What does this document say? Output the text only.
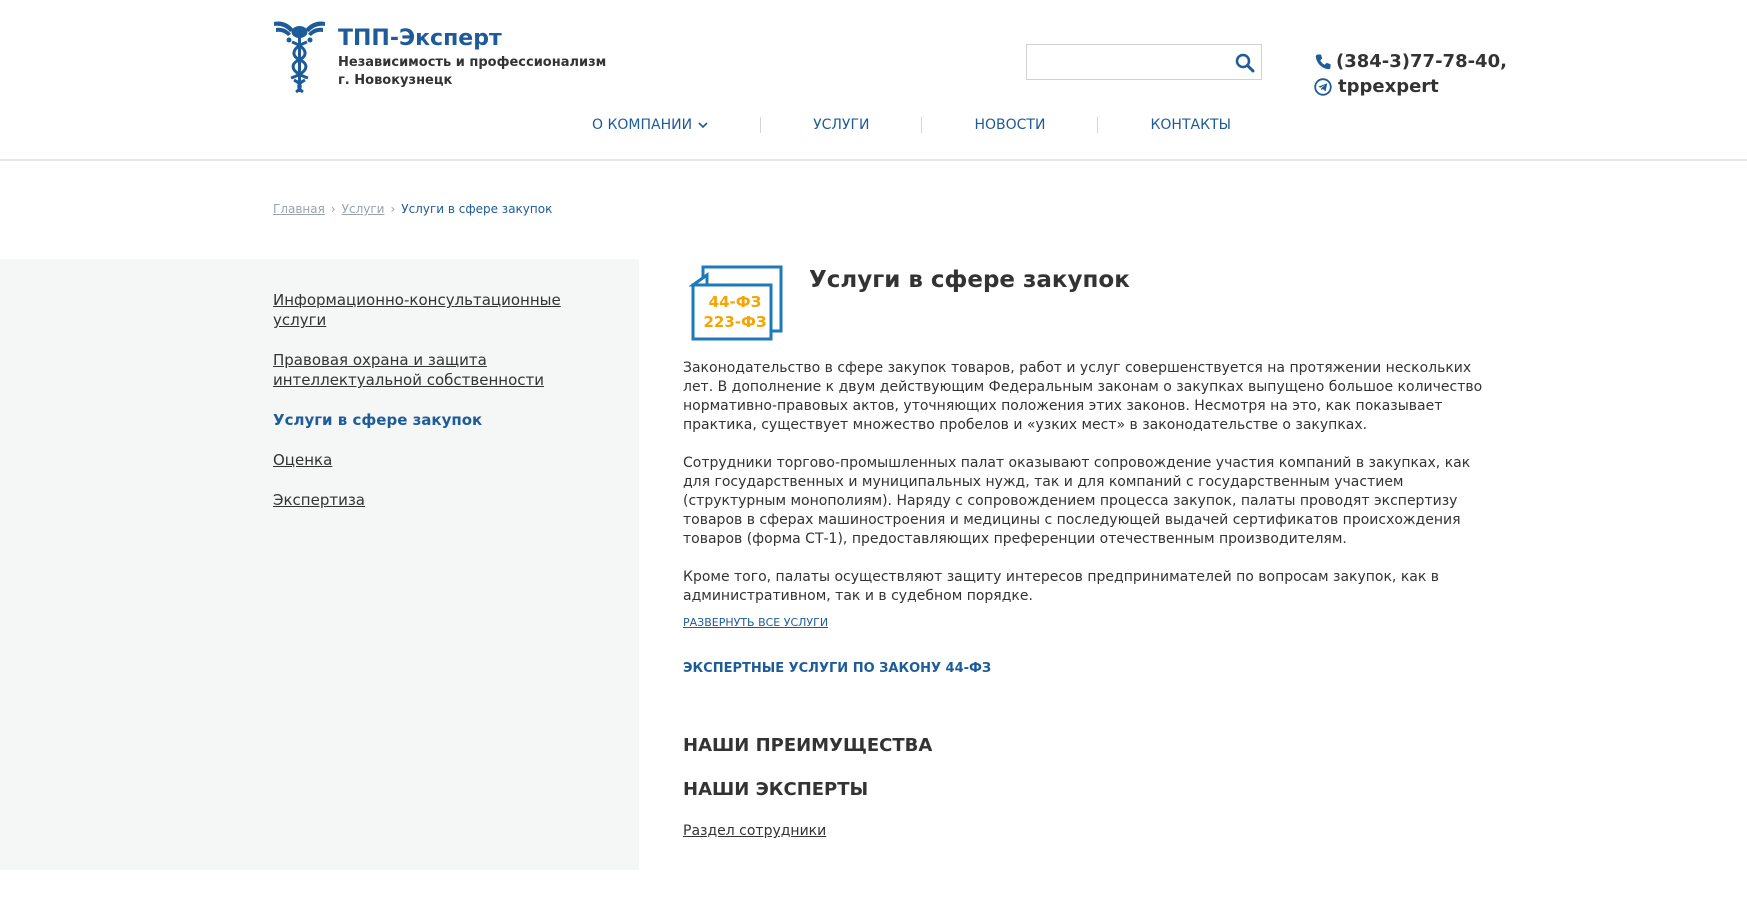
ТПП-Эксперт
Независимость и профессионализм
г. Новокузнецк
(384-3)77-78-40,
tppexpert
О КОМПАНИИ	УСЛУГИ	НОВОСТИ	КОНТАКТЫ
Главная › Услуги › Услуги в сфере закупок
Информационно-консультационные услуги
Правовая охрана и защита интеллектуальной собственности
Услуги в сфере закупок
Оценка
Экспертиза
44-ФЗ
223-ФЗ
Услуги в сфере закупок

Законодательство в сфере закупок товаров, работ и услуг совершенствуется на протяжении нескольких лет. В дополнение к двум действующим Федеральным законам о закупках выпущено большое количество нормативно-правовых актов, уточняющих положения этих законов. Несмотря на это, как показывает практика, существует множество пробелов и «узких мест» в законодательстве о закупках.

Сотрудники торгово-промышленных палат оказывают сопровождение участия компаний в закупках, как для государственных и муниципальных нужд, так и для компаний с государственным участием (структурным монополиям). Наряду с сопровождением процесса закупок, палаты проводят экспертизу товаров в сферах машиностроения и медицины с последующей выдачей сертификатов происхождения товаров (форма СТ-1), предоставляющих преференции отечественным производителям.

Кроме того, палаты осуществляют защиту интересов предпринимателей по вопросам закупок, как в административном, так и в судебном порядке.

РАЗВЕРНУТЬ ВСЕ УСЛУГИ
ЭКСПЕРТНЫЕ УСЛУГИ ПО ЗАКОНУ 44-ФЗ
НАШИ ПРЕИМУЩЕСТВА
НАШИ ЭКСПЕРТЫ
Раздел сотрудники
